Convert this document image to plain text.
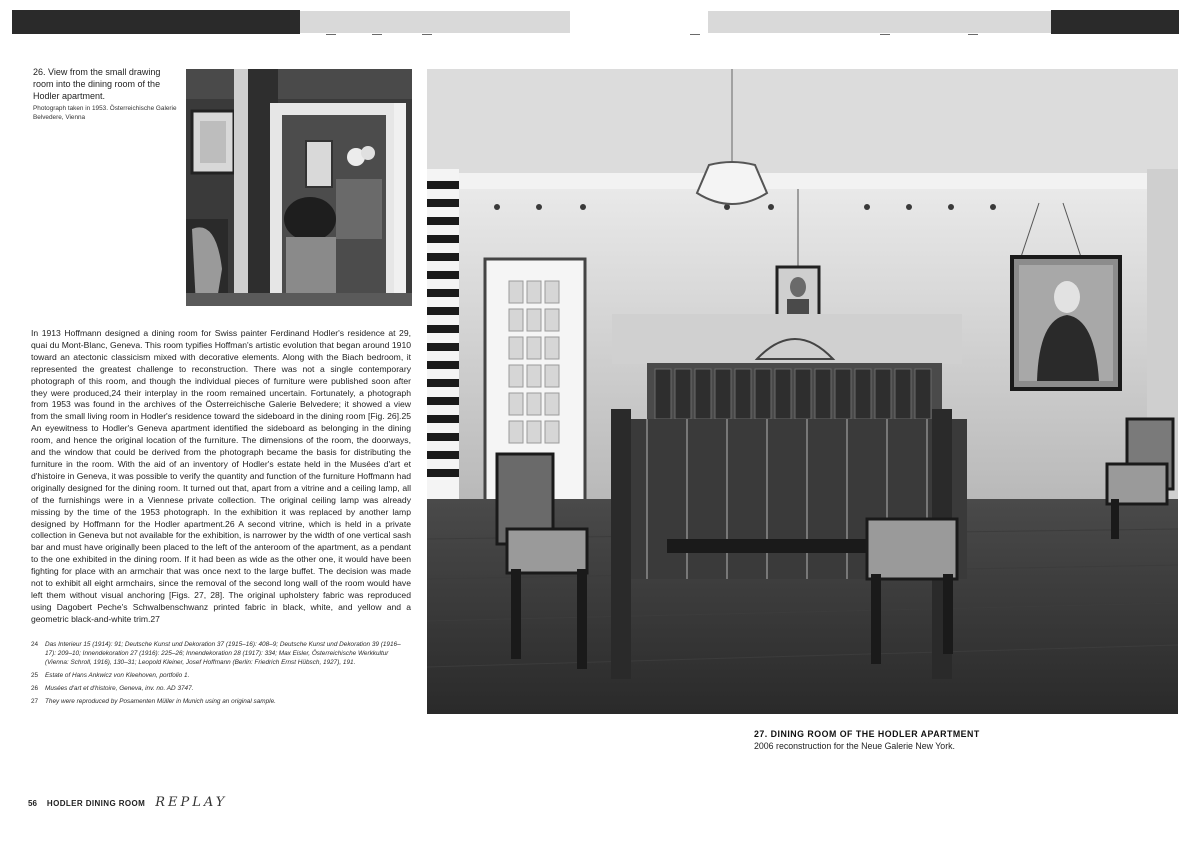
26. View from the small drawing room into the dining room of the Hodler apartment.
Photograph taken in 1953. Österreichische Galerie Belvedere, Vienna
In 1913 Hoffmann designed a dining room for Swiss painter Ferdinand Hodler's residence at 29, quai du Mont-Blanc, Geneva. This room typifies Hoffman's artistic evolution that began around 1910 toward an atectonic classicism mixed with decorative elements. Along with the Biach bedroom, it represented the greatest challenge to reconstruction. There was not a single contemporary photograph of this room, and though the individual pieces of furniture were published soon after they were produced,24 their interplay in the room remained uncertain. Fortunately, a photograph from 1953 was found in the archives of the Österreichische Galerie Belvedere; it showed a view from the small living room in Hodler's residence toward the sideboard in the dining room [Fig. 26].25 An eyewitness to Hodler's Geneva apartment identified the sideboard as belonging in the dining room, and hence the original location of the furniture. The dimensions of the room, the doorways, and the window that could be derived from the photograph became the basis for distributing the furniture in the room. With the aid of an inventory of Hodler's estate held in the Musées d'art et d'histoire in Geneva, it was possible to verify the quantity and function of the furniture Hoffmann had originally designed for the dining room. It turned out that, apart from a vitrine and a ceiling lamp, all of the furnishings were in a Viennese private collection. The original ceiling lamp was already missing by the time of the 1953 photograph. In the exhibition it was replaced by another lamp designed by Hoffmann for the Hodler apartment.26 A second vitrine, which is held in a private collection in Geneva but not available for the exhibition, is narrower by the width of one vertical sash bar and must have originally been placed to the left of the anteroom of the apartment, as a pendant to the one exhibited in the dining room. If it had been as wide as the other one, it would have been fighting for place with an armchair that was once next to the large buffet. The decision was made not to exhibit all eight armchairs, since the removal of the second long wall of the room would have left them without visual anchoring [Figs. 27, 28]. The original upholstery fabric was reproduced using Dagobert Peche's Schwalbenschwanz printed fabric in black, white, and yellow and a geometric black-and-white trim.27
24	Das Interieur 15 (1914): 91; Deutsche Kunst und Dekoration 37 (1915–16): 408–9; Deutsche Kunst und Dekoration 39 (1916–17): 209–10; Innendekoration 27 (1916): 225–26; Innendekoration 28 (1917): 334; Max Eisler, Österreichische Werkkultur (Vienna: Schroll, 1916), 130–31; Leopold Kleiner, Josef Hoffmann (Berlin: Friedrich Ernst Hübsch, 1927), 191.
25	Estate of Hans Ankwicz von Kleehoven, portfolio 1.
26	Musées d'art et d'histoire, Geneva, inv. no. AD 3747.
27	They were reproduced by Posamenten Müller in Munich using an original sample.
27. DINING ROOM OF THE HODLER APARTMENT
2006 reconstruction for the Neue Galerie New York.
56 HODLER DINING ROOM REPLAY
